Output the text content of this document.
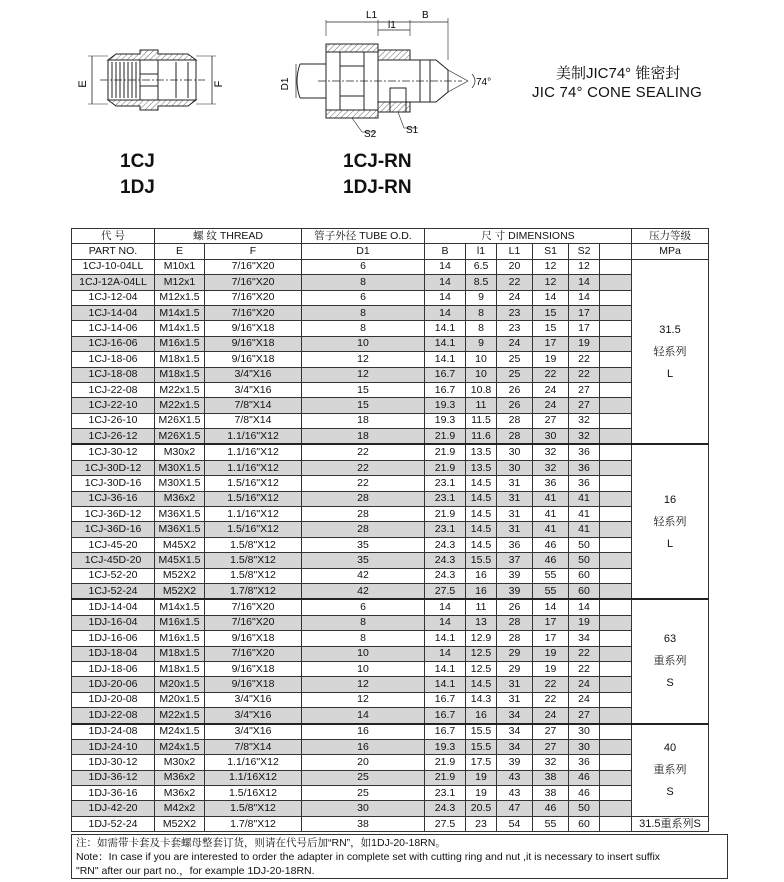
E	F
L1
l1
B
D1
S2	S1
74°
1CJ
1DJ
1CJ-RN
1DJ-RN
美制JIC74° 锥密封
JIC 74° CONE SEALING
代 号	螺 纹 THREAD		管子外径 TUBE O.D.	尺 寸 DIMENSIONS						压力等级
PART NO.	E	F	D1	B	l1	L1	S1	S2		MPa
1CJ-10-04LL	M10x1	7/16"X20	6	14	6.5	20	12	12		31.5
轻系列
L

1CJ-12A-04LL	M12x1	7/16"X20	8	14	8.5	22	12	14		
1CJ-12-04	M12x1.5	7/16"X20	6	14	9	24	14	14		
1CJ-14-04	M14x1.5	7/16"X20	8	14	8	23	15	17		
1CJ-14-06	M14x1.5	9/16"X18	8	14.1	8	23	15	17		
1CJ-16-06	M16x1.5	9/16"X18	10	14.1	9	24	17	19		
1CJ-18-06	M18x1.5	9/16"X18	12	14.1	10	25	19	22		
1CJ-18-08	M18x1.5	3/4"X16	12	16.7	10	25	22	22		
1CJ-22-08	M22x1.5	3/4"X16	15	16.7	10.8	26	24	27		
1CJ-22-10	M22x1.5	7/8"X14	15	19.3	11	26	24	27		
1CJ-26-10	M26X1.5	7/8"X14	18	19.3	11.5	28	27	32		
1CJ-26-12	M26X1.5	1.1/16"X12	18	21.9	11.6	28	30	32		
1CJ-30-12	M30x2	1.1/16"X12	22	21.9	13.5	30	32	36		16
轻系列
L

1CJ-30D-12	M30X1.5	1.1/16"X12	22	21.9	13.5	30	32	36		
1CJ-30D-16	M30X1.5	1.5/16"X12	22	23.1	14.5	31	36	36		
1CJ-36-16	M36x2	1.5/16"X12	28	23.1	14.5	31	41	41		
1CJ-36D-12	M36X1.5	1.1/16"X12	28	21.9	14.5	31	41	41		
1CJ-36D-16	M36X1.5	1.5/16"X12	28	23.1	14.5	31	41	41		
1CJ-45-20	M45X2	1.5/8"X12	35	24.3	14.5	36	46	50		
1CJ-45D-20	M45X1.5	1.5/8"X12	35	24.3	15.5	37	46	50		
1CJ-52-20	M52X2	1.5/8"X12	42	24.3	16	39	55	60		
1CJ-52-24	M52X2	1.7/8"X12	42	27.5	16	39	55	60		
1DJ-14-04	M14x1.5	7/16"X20	6	14	11	26	14	14		63
重系列
S

1DJ-16-04	M16x1.5	7/16"X20	8	14	13	28	17	19		
1DJ-16-06	M16x1.5	9/16"X18	8	14.1	12.9	28	17	34		
1DJ-18-04	M18x1.5	7/16"X20	10	14	12.5	29	19	22		
1DJ-18-06	M18x1.5	9/16"X18	10	14.1	12.5	29	19	22		
1DJ-20-06	M20x1.5	9/16"X18	12	14.1	14.5	31	22	24		
1DJ-20-08	M20x1.5	3/4"X16	12	16.7	14.3	31	22	24		
1DJ-22-08	M22x1.5	3/4"X16	14	16.7	16	34	24	27		
1DJ-24-08	M24x1.5	3/4"X16	16	16.7	15.5	34	27	30		40
重系列
S

1DJ-24-10	M24x1.5	7/8"X14	16	19.3	15.5	34	27	30		
1DJ-30-12	M30x2	1.1/16"X12	20	21.9	17.5	39	32	36		
1DJ-36-12	M36x2	1.1/16X12	25	21.9	19	43	38	46		
1DJ-36-16	M36x2	1.5/16X12	25	23.1	19	43	38	46		
1DJ-42-20	M42x2	1.5/8"X12	30	24.3	20.5	47	46	50		
1DJ-52-24	M52X2	1.7/8"X12	38	27.5	23	54	55	60		31.5重系列S
注：如需带卡套及卡套螺母整套订货，则请在代号后加“RN”，如1DJ-20-18RN。
Note：In case if you are interested to order the adapter in complete set with cutting ring and nut ,it is necessary to insert suffix
"RN" after our part no.，for example 1DJ-20-18RN.
